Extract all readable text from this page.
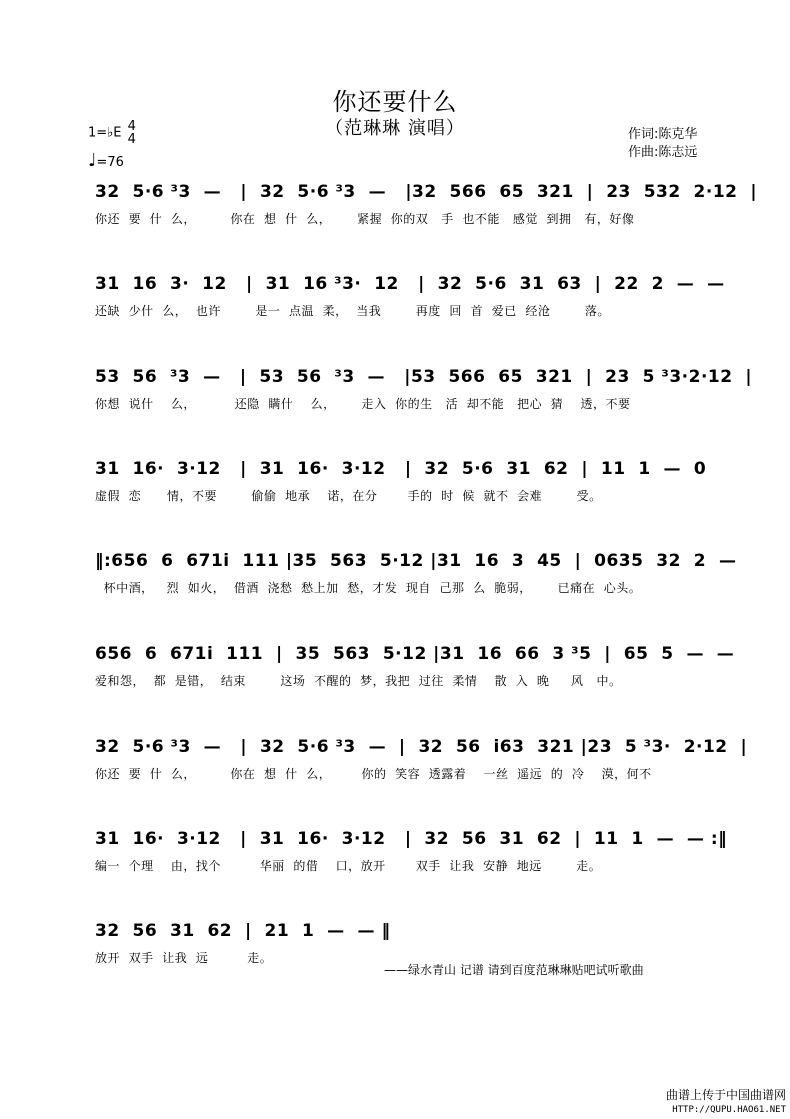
你还要什么
（范琳琳 演唱）
1=♭E 4
4
♩=76
作词:陈克华
作曲:陈志远
32  5·6 ³3  —   |  32  5·6 ³3  —   |32  566  65  321  |  23  532  2·12  |
你还  要  什  么，        你在  想  什  么，      紧握  你的双   手  也不能   感觉  到拥   有，好像
31  16  3·  12   |  31  16 ³3·  12   |  32  5·6  31  63  |  22  2  —  —
还缺  少什  么，  也许        是一  点温  柔，  当我        再度  回  首  爱已  经沧        落。
53  56  ³3  —   |  53  56  ³3  —   |53  566  65  321  |  23  5 ³3·2·12  |
你想  说什    么，         还隐  瞒什    么，      走入  你的生   活  却不能   把心  猜    透，不要
31  16·  3·12   |  31  16·  3·12   |  32  5·6  31  62  |  11  1  —  0
虚假  恋      情，不要        偷偷  地承    诺，在分       手的  时  候  就不  会难        受。
‖:656  6  671i  111 |35  563  5·12 |31  16  3  45  |  0635  32  2  —
杯中酒，   烈  如火，  借酒  浇愁  愁上加  愁，才发  现自  己那  么  脆弱，      已痛在  心头。
656  6  671i  111  |  35  563  5·12 |31  16  66  3 ³5  |  65  5  —  —
爱和怨，  都  是错，  结束        这场  不醒的  梦，我把  过往  柔情    散  入  晚     风   中。
32  5·6 ³3  —   |  32  5·6 ³3  —  |  32  56  i63  321 |23  5 ³3·  2·12  |
你还  要  什  么，        你在  想  什  么，       你的  笑容  透露着    一丝  遥远  的  冷    漠，何不
31  16·  3·12   |  31  16·  3·12   |  32  56  31  62  |  11  1  —  — :‖
编一  个理    由，找个         华丽  的借    口，放开       双手  让我  安静  地远        走。
32  56  31  62  |  21  1  —  — ‖
放开  双手  让我  远         走。
——绿水青山 记谱 请到百度范琳琳贴吧试听歌曲
曲谱上传于中国曲谱网
HTTP://QUPU.HAO61.NET
